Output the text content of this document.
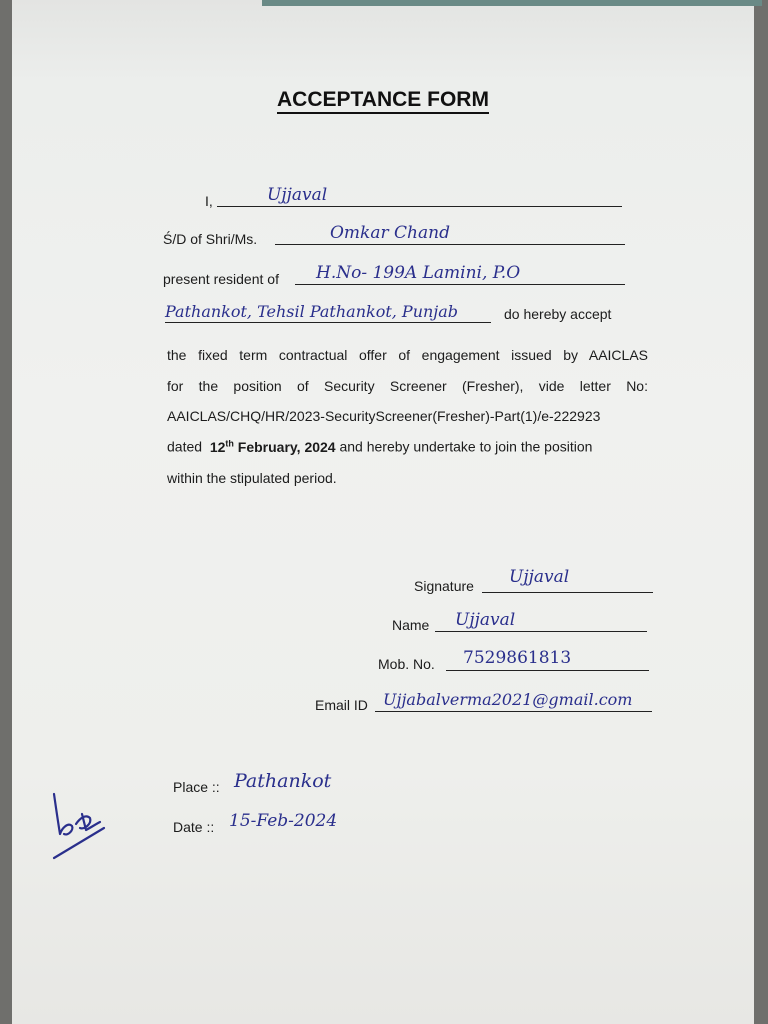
ACCEPTANCE FORM
I,	Ujjaval
Ś/D of Shri/Ms.	Omkar Chand
present resident of H.No- 199A Lamini, P.O
Pathankot, Tehsil Pathankot, Punjab	do hereby accept
the fixed term contractual offer of engagement issued by AAICLAS
for the position of Security Screener (Fresher), vide letter No:
AAICLAS/CHQ/HR/2023-SecurityScreener(Fresher)-Part(1)/e-222923
dated 12th February, 2024 and hereby undertake to join the position
within the stipulated period.
Signature Ujjaval
Name Ujjaval
Mob. No. 7529861813
Email ID Ujjabalverma2021@gmail.com
Place :: Pathankot
Date :: 15-Feb-2024
